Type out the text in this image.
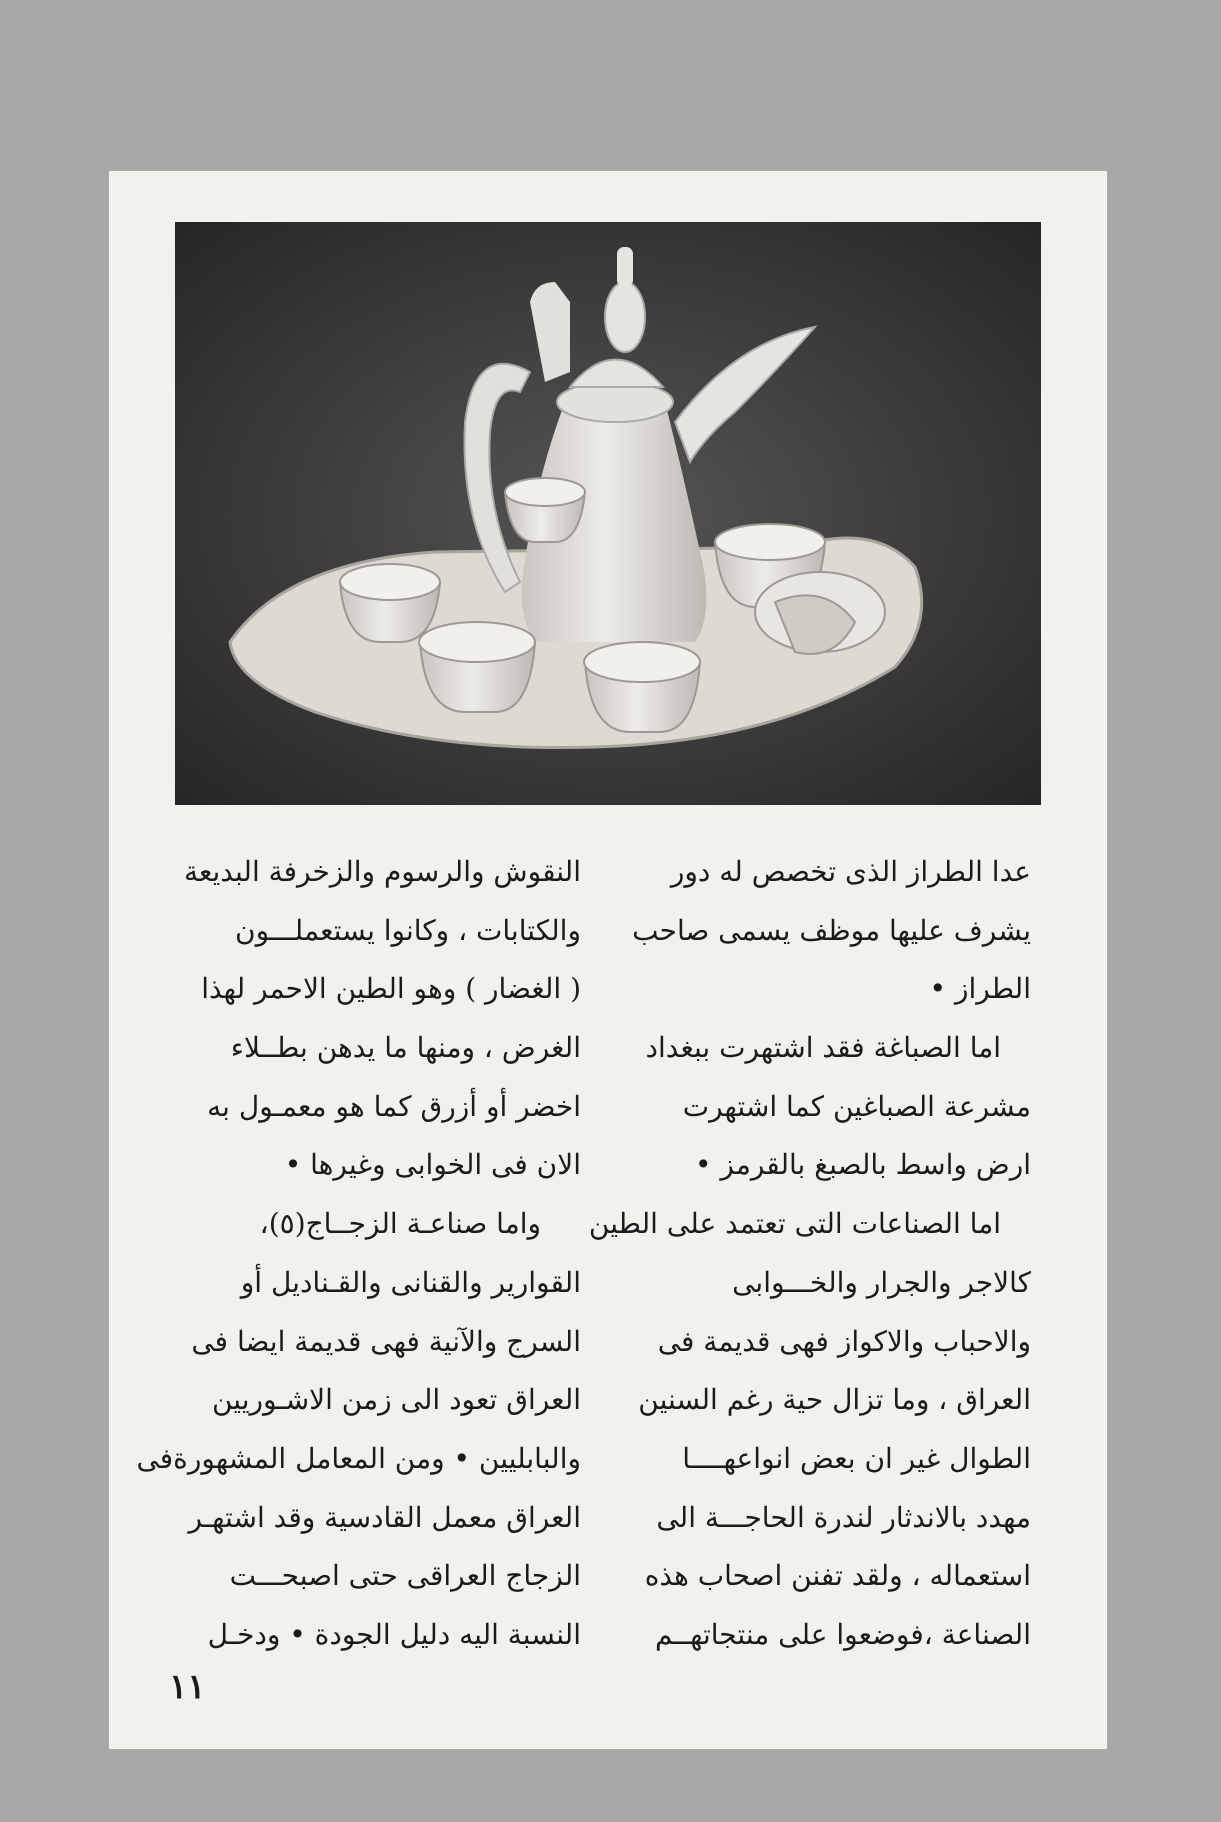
عدا الطراز الذى تخصص له دور

يشرف عليها موظف يسمى صاحب

الطراز •

اما الصباغة فقد اشتهرت ببغداد

مشرعة الصباغين كما اشتهرت

ارض واسط بالصبغ بالقرمز •

اما الصناعات التى تعتمد على الطين

كالاجر والجرار والخـــوابى

والاحباب والاكواز فهى قديمة فى

العراق ، وما تزال حية رغم السنين

الطوال غير ان بعض انواعهــــا

مهدد بالاندثار لندرة الحاجـــة الى

استعماله ، ولقد تفنن اصحاب هذه

الصناعة ،فوضعوا على منتجاتهــم

النقوش والرسوم والزخرفة البديعة

والكتابات ، وكانوا يستعملـــون

( الغضار ) وهو الطين الاحمر لهذا

الغرض ، ومنها ما يدهن بطــلاء

اخضر أو أزرق كما هو معمـول به

الان فى الخوابى وغيرها •

واما صناعـة الزجــاج(٥)،

القوارير والقنانى والقـناديل أو

السرج والآنية فهى قديمة ايضا فى

العراق تعود الى زمن الاشـوريين

والبابليين • ومن المعامل المشهورةفى

العراق معمل القادسية وقد اشتهـر

الزجاج العراقى حتى اصبحـــت

النسبة اليه دليل الجودة • ودخـل

١١
